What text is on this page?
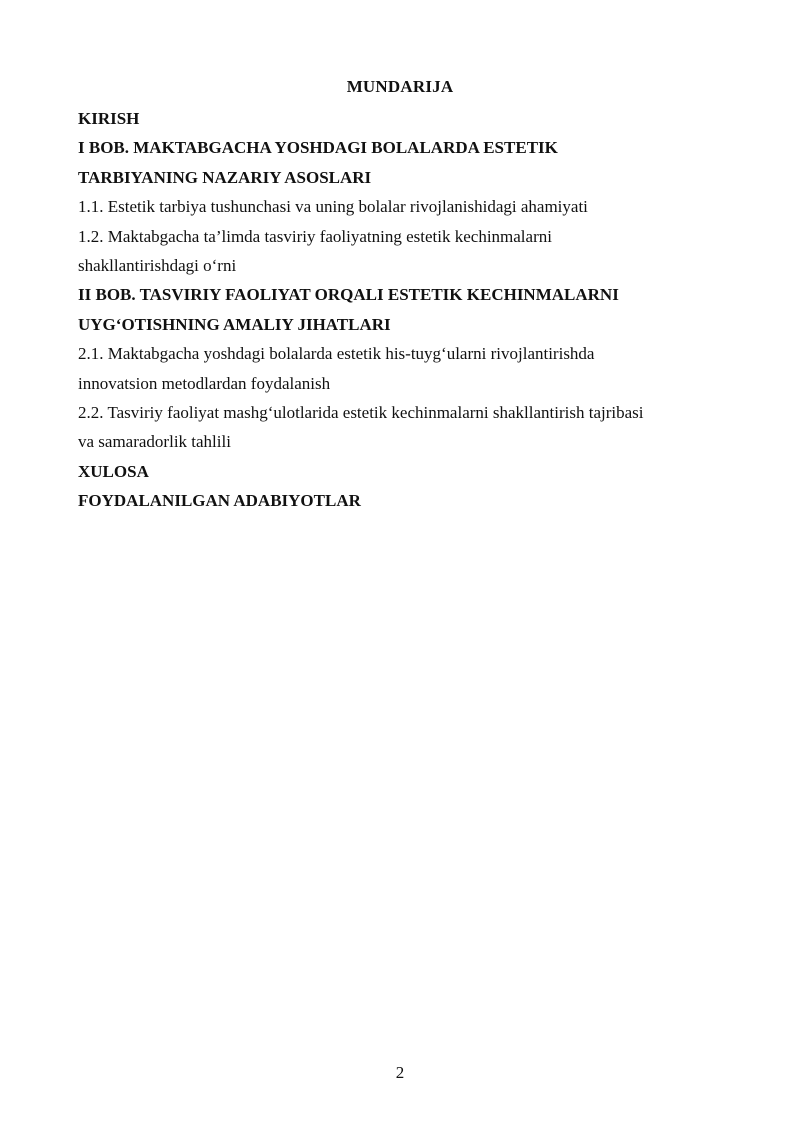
MUNDARIJA
KIRISH
I BOB. MAKTABGACHA YOSHDAGI BOLALARDA ESTETIK
TARBIYANING NAZARIY ASOSLARI
1.1. Estetik tarbiya tushunchasi va uning bolalar rivojlanishidagi ahamiyati
1.2. Maktabgacha ta’limda tasviriy faoliyatning estetik kechinmalarni
shakllantirishdagi o‘rni
II BOB. TASVIRIY FAOLIYAT ORQALI ESTETIK KECHINMALARNI
UYG‘OTISHNING AMALIY JIHATLARI
2.1. Maktabgacha yoshdagi bolalarda estetik his-tuyg‘ularni rivojlantirishda
innovatsion metodlardan foydalanish
2.2. Tasviriy faoliyat mashg‘ulotlarida estetik kechinmalarni shakllantirish tajribasi
va samaradorlik tahlili
XULOSA
FOYDALANILGAN ADABIYOTLAR
2
